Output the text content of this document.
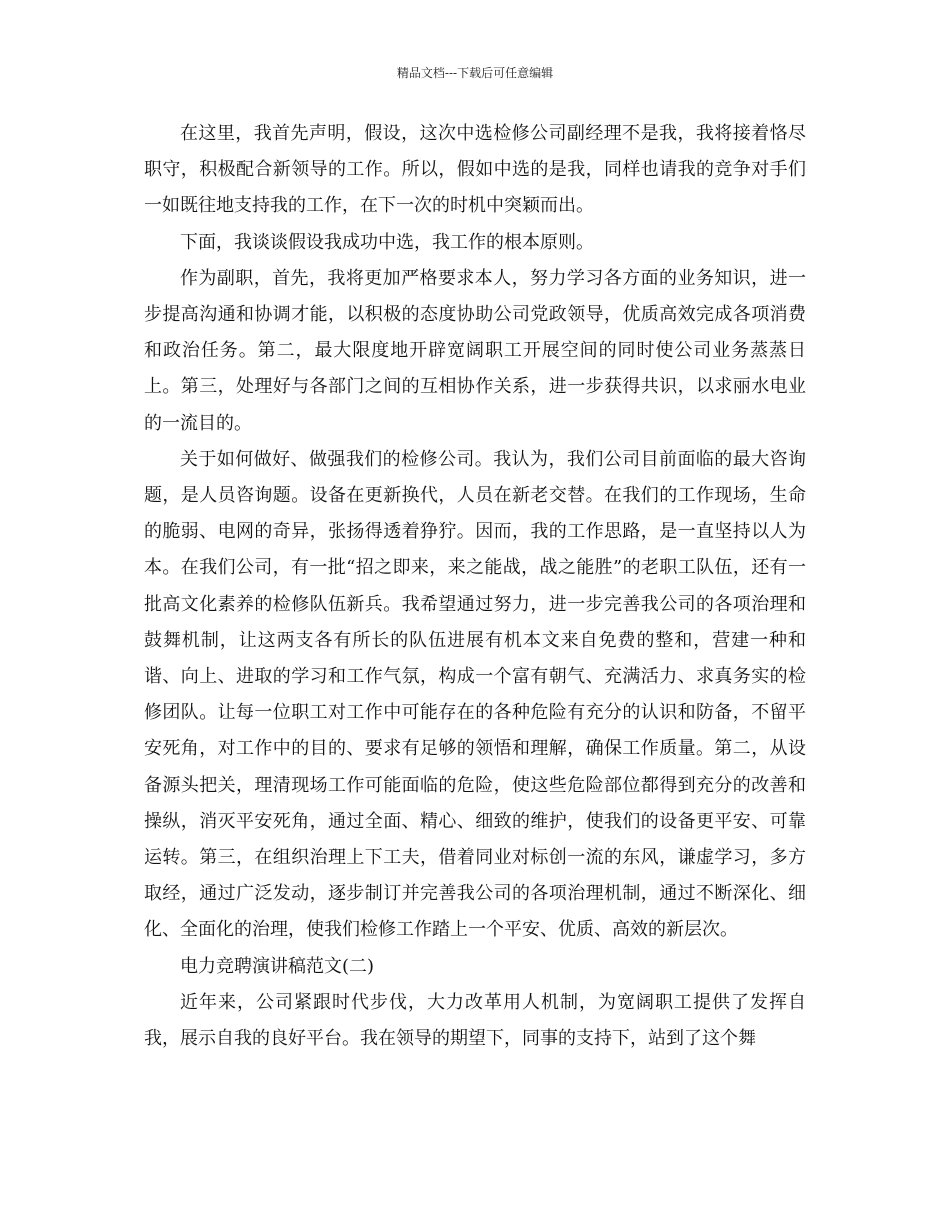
精品文档---下载后可任意编辑

在这里，我首先声明，假设，这次中选检修公司副经理不是我，我将接着恪尽职守，积极配合新领导的工作。所以，假如中选的是我，同样也请我的竞争对手们一如既往地支持我的工作，在下一次的时机中突颖而出。

下面，我谈谈假设我成功中选，我工作的根本原则。

作为副职，首先，我将更加严格要求本人，努力学习各方面的业务知识，进一步提高沟通和协调才能，以积极的态度协助公司党政领导，优质高效完成各项消费和政治任务。第二，最大限度地开辟宽阔职工开展空间的同时使公司业务蒸蒸日上。第三，处理好与各部门之间的互相协作关系，进一步获得共识，以求丽水电业的一流目的。

关于如何做好、做强我们的检修公司。我认为，我们公司目前面临的最大咨询题，是人员咨询题。设备在更新换代，人员在新老交替。在我们的工作现场，生命的脆弱、电网的奇异，张扬得透着狰狞。因而，我的工作思路，是一直坚持以人为本。在我们公司，有一批“招之即来，来之能战，战之能胜”的老职工队伍，还有一批高文化素养的检修队伍新兵。我希望通过努力，进一步完善我公司的各项治理和鼓舞机制，让这两支各有所长的队伍进展有机本文来自免费的整和，营建一种和谐、向上、进取的学习和工作气氛，构成一个富有朝气、充满活力、求真务实的检修团队。让每一位职工对工作中可能存在的各种危险有充分的认识和防备，不留平安死角，对工作中的目的、要求有足够的领悟和理解，确保工作质量。第二，从设备源头把关，理清现场工作可能面临的危险，使这些危险部位都得到充分的改善和操纵，消灭平安死角，通过全面、精心、细致的维护，使我们的设备更平安、可靠运转。第三，在组织治理上下工夫，借着同业对标创一流的东风，谦虚学习，多方取经，通过广泛发动，逐步制订并完善我公司的各项治理机制，通过不断深化、细化、全面化的治理，使我们检修工作踏上一个平安、优质、高效的新层次。

电力竞聘演讲稿范文(二)

近年来，公司紧跟时代步伐，大力改革用人机制，为宽阔职工提供了发挥自我，展示自我的良好平台。我在领导的期望下，同事的支持下，站到了这个舞
